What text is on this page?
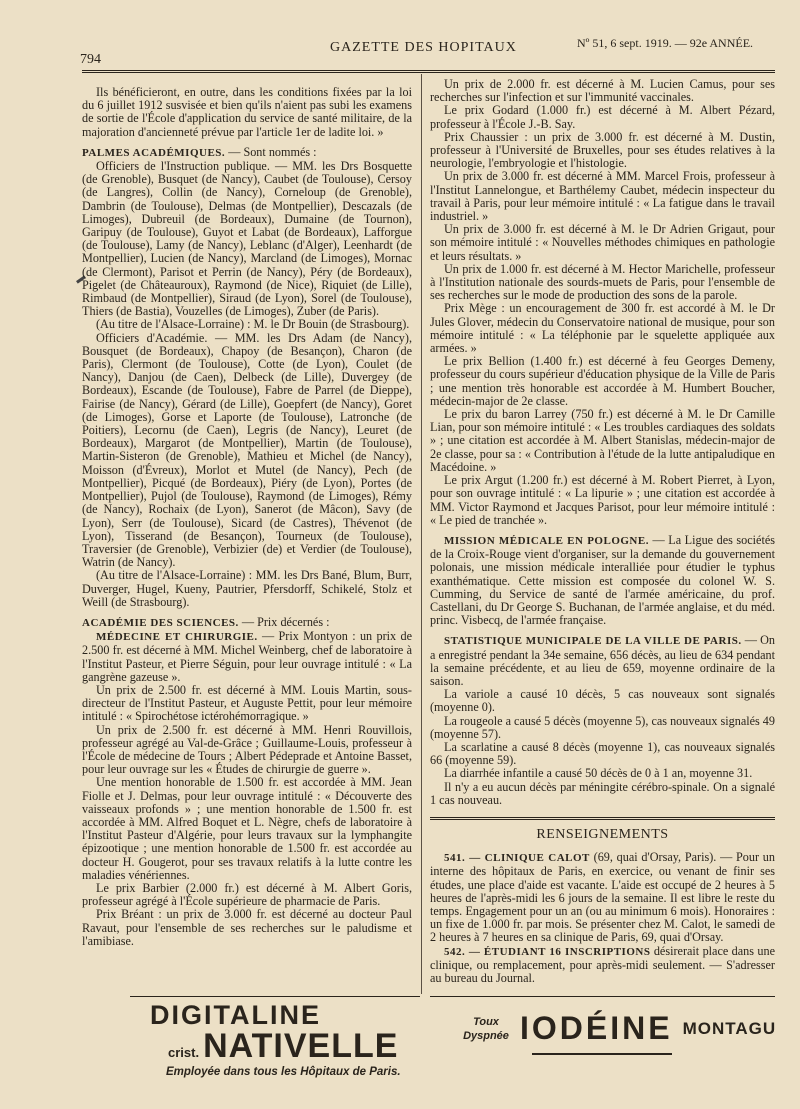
794
GAZETTE DES HOPITAUX	Nº 51, 6 sept. 1919. — 92e ANNÉE.

Ils bénéficieront, en outre, dans les conditions fixées par la loi du 6 juillet 1912 susvisée et bien qu'ils n'aient pas subi les examens de sortie de l'École d'application du service de santé militaire, de la majoration d'ancienneté prévue par l'article 1er de ladite loi. »

PALMES ACADÉMIQUES. — Sont nommés :

Officiers de l'Instruction publique. — MM. les Drs Bosquette (de Grenoble), Busquet (de Nancy), Caubet (de Toulouse), Cersoy (de Langres), Collin (de Nancy), Corneloup (de Grenoble), Dambrin (de Toulouse), Delmas (de Montpellier), Descazals (de Limoges), Dubreuil (de Bordeaux), Dumaine (de Tournon), Garipuy (de Toulouse), Guyot et Labat (de Bordeaux), Lafforgue (de Toulouse), Lamy (de Nancy), Leblanc (d'Alger), Leenhardt (de Montpellier), Lucien (de Nancy), Marcland (de Limoges), Mornac (de Clermont), Parisot et Perrin (de Nancy), Péry (de Bordeaux), Pigelet (de Châteauroux), Raymond (de Nice), Riquiet (de Lille), Rimbaud (de Montpellier), Siraud (de Lyon), Sorel (de Toulouse), Thiers (de Bastia), Vouzelles (de Limoges), Zuber (de Paris).

(Au titre de l'Alsace-Lorraine) : M. le Dr Bouin (de Strasbourg).

Officiers d'Académie. — MM. les Drs Adam (de Nancy), Bousquet (de Bordeaux), Chapoy (de Besançon), Charon (de Paris), Clermont (de Toulouse), Cotte (de Lyon), Coulet (de Nancy), Danjou (de Caen), Delbeck (de Lille), Duvergey (de Bordeaux), Escande (de Toulouse), Fabre de Parrel (de Dieppe), Fairise (de Nancy), Gérard (de Lille), Goepfert (de Nancy), Goret (de Limoges), Gorse et Laporte (de Toulouse), Latronche (de Poitiers), Lecornu (de Caen), Legris (de Nancy), Leuret (de Bordeaux), Margarot (de Montpellier), Martin (de Toulouse), Martin-Sisteron (de Grenoble), Mathieu et Michel (de Nancy), Moisson (d'Évreux), Morlot et Mutel (de Nancy), Pech (de Montpellier), Picqué (de Bordeaux), Piéry (de Lyon), Portes (de Montpellier), Pujol (de Toulouse), Raymond (de Limoges), Rémy (de Nancy), Rochaix (de Lyon), Sanerot (de Mâcon), Savy (de Lyon), Serr (de Toulouse), Sicard (de Castres), Thévenot (de Lyon), Tisserand (de Besançon), Tourneux (de Toulouse), Traversier (de Grenoble), Verbizier (de) et Verdier (de Toulouse), Watrin (de Nancy).

(Au titre de l'Alsace-Lorraine) : MM. les Drs Bané, Blum, Burr, Duverger, Hugel, Kueny, Pautrier, Pfersdorff, Schikelé, Stolz et Weill (de Strasbourg).

ACADÉMIE DES SCIENCES. — Prix décernés :

MÉDECINE ET CHIRURGIE. — Prix Montyon : un prix de 2.500 fr. est décerné à MM. Michel Weinberg, chef de laboratoire à l'Institut Pasteur, et Pierre Séguin, pour leur ouvrage intitulé : « La gangrène gazeuse ».

Un prix de 2.500 fr. est décerné à MM. Louis Martin, sous-directeur de l'Institut Pasteur, et Auguste Pettit, pour leur mémoire intitulé : « Spirochétose ictérohémorragique. »

Un prix de 2.500 fr. est décerné à MM. Henri Rouvillois, professeur agrégé au Val-de-Grâce ; Guillaume-Louis, professeur à l'École de médecine de Tours ; Albert Pédeprade et Antoine Basset, pour leur ouvrage sur les « Études de chirurgie de guerre ».

Une mention honorable de 1.500 fr. est accordée à MM. Jean Fiolle et J. Delmas, pour leur ouvrage intitulé : « Découverte des vaisseaux profonds » ; une mention honorable de 1.500 fr. est accordée à MM. Alfred Boquet et L. Nègre, chefs de laboratoire à l'Institut Pasteur d'Algérie, pour leurs travaux sur la lymphangite épizootique ; une mention honorable de 1.500 fr. est accordée au docteur H. Gougerot, pour ses travaux relatifs à la lutte contre les maladies vénériennes.

Le prix Barbier (2.000 fr.) est décerné à M. Albert Goris, professeur agrégé à l'École supérieure de pharmacie de Paris.

Prix Bréant : un prix de 3.000 fr. est décerné au docteur Paul Ravaut, pour l'ensemble de ses recherches sur le paludisme et l'amibiase.

Un prix de 2.000 fr. est décerné à M. Lucien Camus, pour ses recherches sur l'infection et sur l'immunité vaccinales.

Le prix Godard (1.000 fr.) est décerné à M. Albert Pézard, professeur à l'École J.-B. Say.

Prix Chaussier : un prix de 3.000 fr. est décerné à M. Dustin, professeur à l'Université de Bruxelles, pour ses études relatives à la neurologie, l'embryologie et l'histologie.

Un prix de 3.000 fr. est décerné à MM. Marcel Frois, professeur à l'Institut Lannelongue, et Barthélemy Caubet, médecin inspecteur du travail à Paris, pour leur mémoire intitulé : « La fatigue dans le travail industriel. »

Un prix de 3.000 fr. est décerné à M. le Dr Adrien Grigaut, pour son mémoire intitulé : « Nouvelles méthodes chimiques en pathologie et leurs résultats. »

Un prix de 1.000 fr. est décerné à M. Hector Marichelle, professeur à l'Institution nationale des sourds-muets de Paris, pour l'ensemble de ses recherches sur le mode de production des sons de la parole.

Prix Mège : un encouragement de 300 fr. est accordé à M. le Dr Jules Glover, médecin du Conservatoire national de musique, pour son mémoire intitulé : « La téléphonie par le squelette appliquée aux armées. »

Le prix Bellion (1.400 fr.) est décerné à feu Georges Demeny, professeur du cours supérieur d'éducation physique de la Ville de Paris ; une mention très honorable est accordée à M. Humbert Boucher, médecin-major de 2e classe.

Le prix du baron Larrey (750 fr.) est décerné à M. le Dr Camille Lian, pour son mémoire intitulé : « Les troubles cardiaques des soldats » ; une citation est accordée à M. Albert Stanislas, médecin-major de 2e classe, pour sa : « Contribution à l'étude de la lutte antipaludique en Macédoine. »

Le prix Argut (1.200 fr.) est décerné à M. Robert Pierret, à Lyon, pour son ouvrage intitulé : « La lipurie » ; une citation est accordée à MM. Victor Raymond et Jacques Parisot, pour leur mémoire intitulé : « Le pied de tranchée ».

MISSION MÉDICALE EN POLOGNE. — La Ligue des sociétés de la Croix-Rouge vient d'organiser, sur la demande du gouvernement polonais, une mission médicale interalliée pour étudier le typhus exanthématique. Cette mission est composée du colonel W. S. Cumming, du Service de santé de l'armée américaine, du prof. Castellani, du Dr George S. Buchanan, de l'armée anglaise, et du méd. princ. Visbecq, de l'armée française.

STATISTIQUE MUNICIPALE DE LA VILLE DE PARIS. — On a enregistré pendant la 34e semaine, 656 décès, au lieu de 634 pendant la semaine précédente, et au lieu de 659, moyenne ordinaire de la saison.

La variole a causé 10 décès, 5 cas nouveaux sont signalés (moyenne 0).

La rougeole a causé 5 décès (moyenne 5), cas nouveaux signalés 49 (moyenne 57).

La scarlatine a causé 8 décès (moyenne 1), cas nouveaux signalés 66 (moyenne 59).

La diarrhée infantile a causé 50 décès de 0 à 1 an, moyenne 31.

Il n'y a eu aucun décès par méningite cérébro-spinale. On a signalé 1 cas nouveau.

RENSEIGNEMENTS

541. — CLINIQUE CALOT (69, quai d'Orsay, Paris). — Pour un interne des hôpitaux de Paris, en exercice, ou venant de finir ses études, une place d'aide est vacante. L'aide est occupé de 2 heures à 5 heures de l'après-midi les 6 jours de la semaine. Il est libre le reste du temps. Engagement pour un an (ou au minimum 6 mois). Honoraires : un fixe de 1.000 fr. par mois. Se présenter chez M. Calot, le samedi de 2 heures à 7 heures en sa clinique de Paris, 69, quai d'Orsay.

542. — ÉTUDIANT 16 INSCRIPTIONS désirerait place dans une clinique, ou remplacement, pour après-midi seulement. — S'adresser au bureau du Journal.

DIGITALINE
crist. NATIVELLE
Employée dans tous les Hôpitaux de Paris.
Toux
Dyspnée IODÉINE MONTAGU
